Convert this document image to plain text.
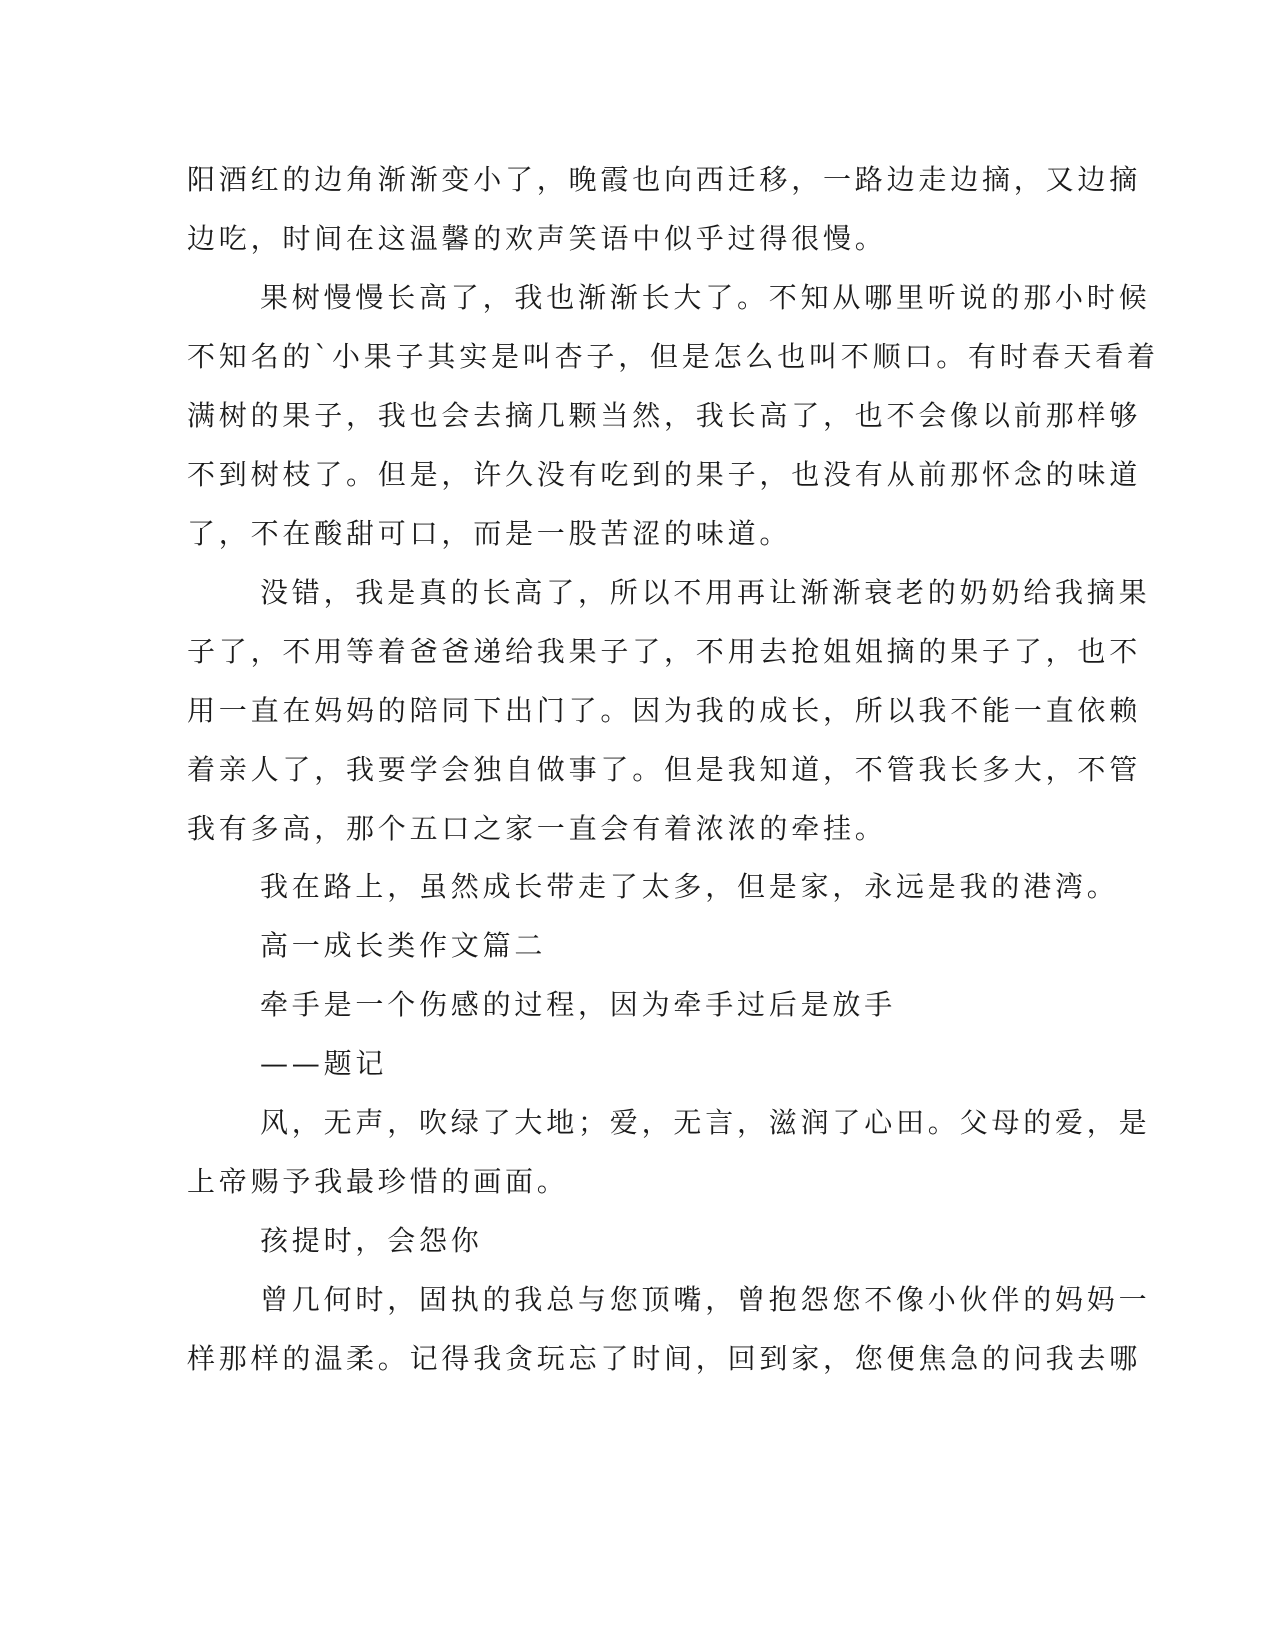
阳酒红的边角渐渐变小了，晚霞也向西迁移，一路边走边摘，又边摘
边吃，时间在这温馨的欢声笑语中似乎过得很慢。
果树慢慢长高了，我也渐渐长大了。不知从哪里听说的那小时候
不知名的`小果子其实是叫杏子，但是怎么也叫不顺口。有时春天看着
满树的果子，我也会去摘几颗当然，我长高了，也不会像以前那样够
不到树枝了。但是，许久没有吃到的果子，也没有从前那怀念的味道
了，不在酸甜可口，而是一股苦涩的味道。
没错，我是真的长高了，所以不用再让渐渐衰老的奶奶给我摘果
子了，不用等着爸爸递给我果子了，不用去抢姐姐摘的果子了，也不
用一直在妈妈的陪同下出门了。因为我的成长，所以我不能一直依赖
着亲人了，我要学会独自做事了。但是我知道，不管我长多大，不管
我有多高，那个五口之家一直会有着浓浓的牵挂。
我在路上，虽然成长带走了太多，但是家，永远是我的港湾。
高一成长类作文篇二
牵手是一个伤感的过程，因为牵手过后是放手
——题记
风，无声，吹绿了大地；爱，无言，滋润了心田。父母的爱，是
上帝赐予我最珍惜的画面。
孩提时，会怨你
曾几何时，固执的我总与您顶嘴，曾抱怨您不像小伙伴的妈妈一
样那样的温柔。记得我贪玩忘了时间，回到家，您便焦急的问我去哪
